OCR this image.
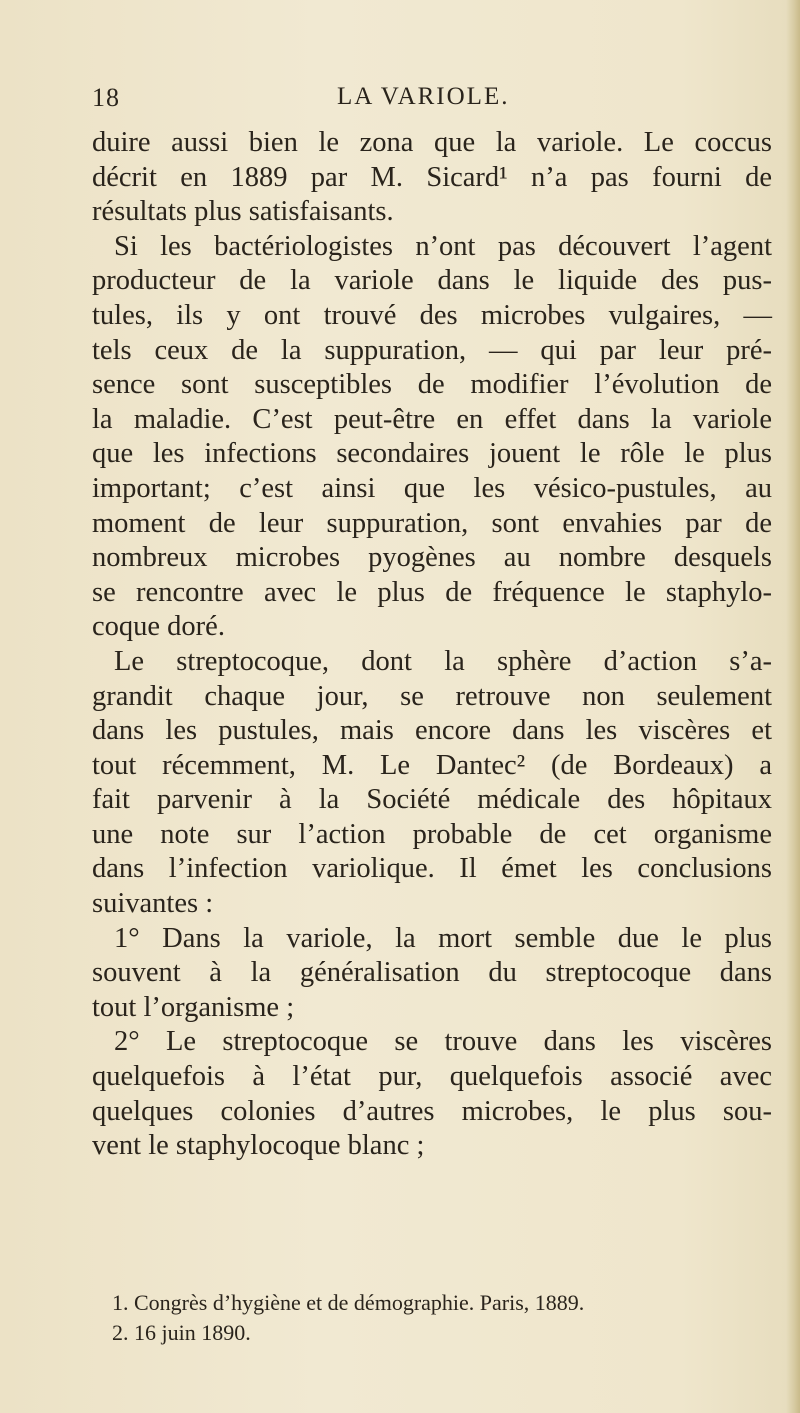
18	LA VARIOLE.
duire aussi bien le zona que la variole. Le coccus
décrit en 1889 par M. Sicard¹ n’a pas fourni de
résultats plus satisfaisants.
Si les bactériologistes n’ont pas découvert l’agent
producteur de la variole dans le liquide des pus-
tules, ils y ont trouvé des microbes vulgaires, —
tels ceux de la suppuration, — qui par leur pré-
sence sont susceptibles de modifier l’évolution de
la maladie. C’est peut-être en effet dans la variole
que les infections secondaires jouent le rôle le plus
important; c’est ainsi que les vésico-pustules, au
moment de leur suppuration, sont envahies par de
nombreux microbes pyogènes au nombre desquels
se rencontre avec le plus de fréquence le staphylo-
coque doré.
Le streptocoque, dont la sphère d’action s’a-
grandit chaque jour, se retrouve non seulement
dans les pustules, mais encore dans les viscères et
tout récemment, M. Le Dantec² (de Bordeaux) a
fait parvenir à la Société médicale des hôpitaux
une note sur l’action probable de cet organisme
dans l’infection variolique. Il émet les conclusions
suivantes :
1° Dans la variole, la mort semble due le plus
souvent à la généralisation du streptocoque dans
tout l’organisme ;
2° Le streptocoque se trouve dans les viscères
quelquefois à l’état pur, quelquefois associé avec
quelques colonies d’autres microbes, le plus sou-
vent le staphylocoque blanc ;
1. Congrès d’hygiène et de démographie. Paris, 1889.
2. 16 juin 1890.
